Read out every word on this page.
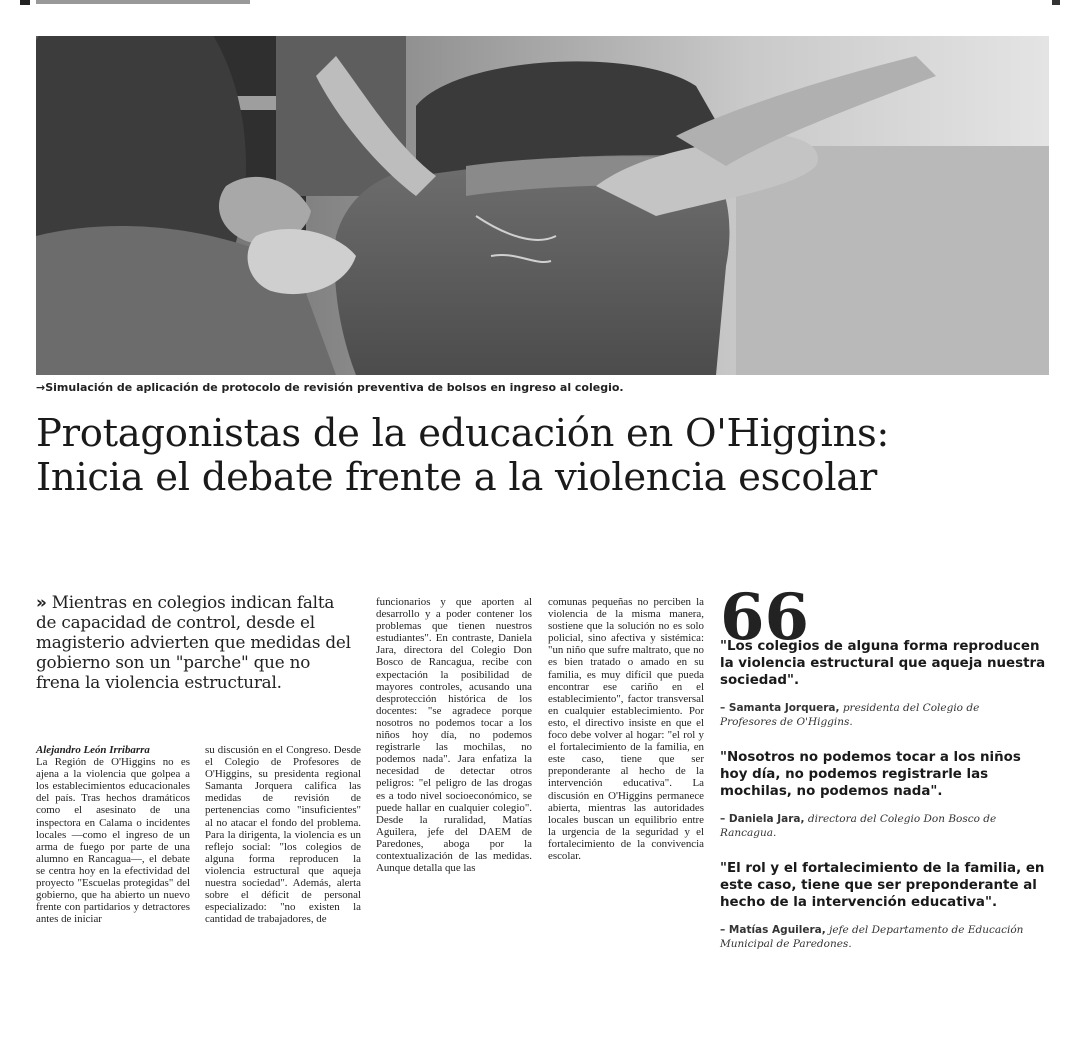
→Simulación de aplicación de protocolo de revisión preventiva de bolsos en ingreso al colegio.
Protagonistas de la educación en O'Higgins:
Inicia el debate frente a la violencia escolar

» Mientras en colegios indican falta de capacidad de control, desde el magisterio advierten que medidas del gobierno son un "parche" que no frena la violencia estructural.

Alejandro León Irribarra

La Región de O'Higgins no es ajena a la violencia que golpea a los establecimientos educacionales del país. Tras hechos dramáticos como el asesinato de una inspectora en Calama o incidentes locales —como el ingreso de un arma de fuego por parte de una alumno en Rancagua—, el debate se centra hoy en la efectividad del proyecto "Escuelas protegidas" del gobierno, que ha abierto un nuevo frente con partidarios y detractores antes de iniciar

su discusión en el Congreso. Desde el Colegio de Profesores de O'Higgins, su presidenta regional Samanta Jorquera califica las medidas de revisión de pertenencias como "insuficientes" al no atacar el fondo del problema. Para la dirigenta, la violencia es un reflejo social: "los colegios de alguna forma reproducen la violencia estructural que aqueja nuestra sociedad". Además, alerta sobre el déficit de personal especializado: "no existen la cantidad de trabajadores, de

funcionarios y que aporten al desarrollo y a poder contener los problemas que tienen nuestros estudiantes". En contraste, Daniela Jara, directora del Colegio Don Bosco de Rancagua, recibe con expectación la posibilidad de mayores controles, acusando una desprotección histórica de los docentes: "se agradece porque nosotros no podemos tocar a los niños hoy día, no podemos registrarle las mochilas, no podemos nada". Jara enfatiza la necesidad de detectar otros peligros: "el peligro de las drogas es a todo nivel socioeconómico, se puede hallar en cualquier colegio". Desde la ruralidad, Matías Aguilera, jefe del DAEM de Paredones, aboga por la contextualización de las medidas. Aunque detalla que las

comunas pequeñas no perciben la violencia de la misma manera, sostiene que la solución no es solo policial, sino afectiva y sistémica: "un niño que sufre maltrato, que no es bien tratado o amado en su familia, es muy difícil que pueda encontrar ese cariño en el establecimiento", factor transversal en cualquier establecimiento. Por esto, el directivo insiste en que el foco debe volver al hogar: "el rol y el fortalecimiento de la familia, en este caso, tiene que ser preponderante al hecho de la intervención educativa". La discusión en O'Higgins permanece abierta, mientras las autoridades locales buscan un equilibrio entre la urgencia de la seguridad y el fortalecimiento de la convivencia escolar.

66

"Los colegios de alguna forma reproducen la violencia estructural que aqueja nuestra sociedad".

– Samanta Jorquera, presidenta del Colegio de Profesores de O'Higgins.

"Nosotros no podemos tocar a los niños hoy día, no podemos registrarle las mochilas, no podemos nada".

– Daniela Jara, directora del Colegio Don Bosco de Rancagua.

"El rol y el fortalecimiento de la familia, en este caso, tiene que ser preponderante al hecho de la intervención educativa".

– Matías Aguilera, jefe del Departamento de Educación Municipal de Paredones.
